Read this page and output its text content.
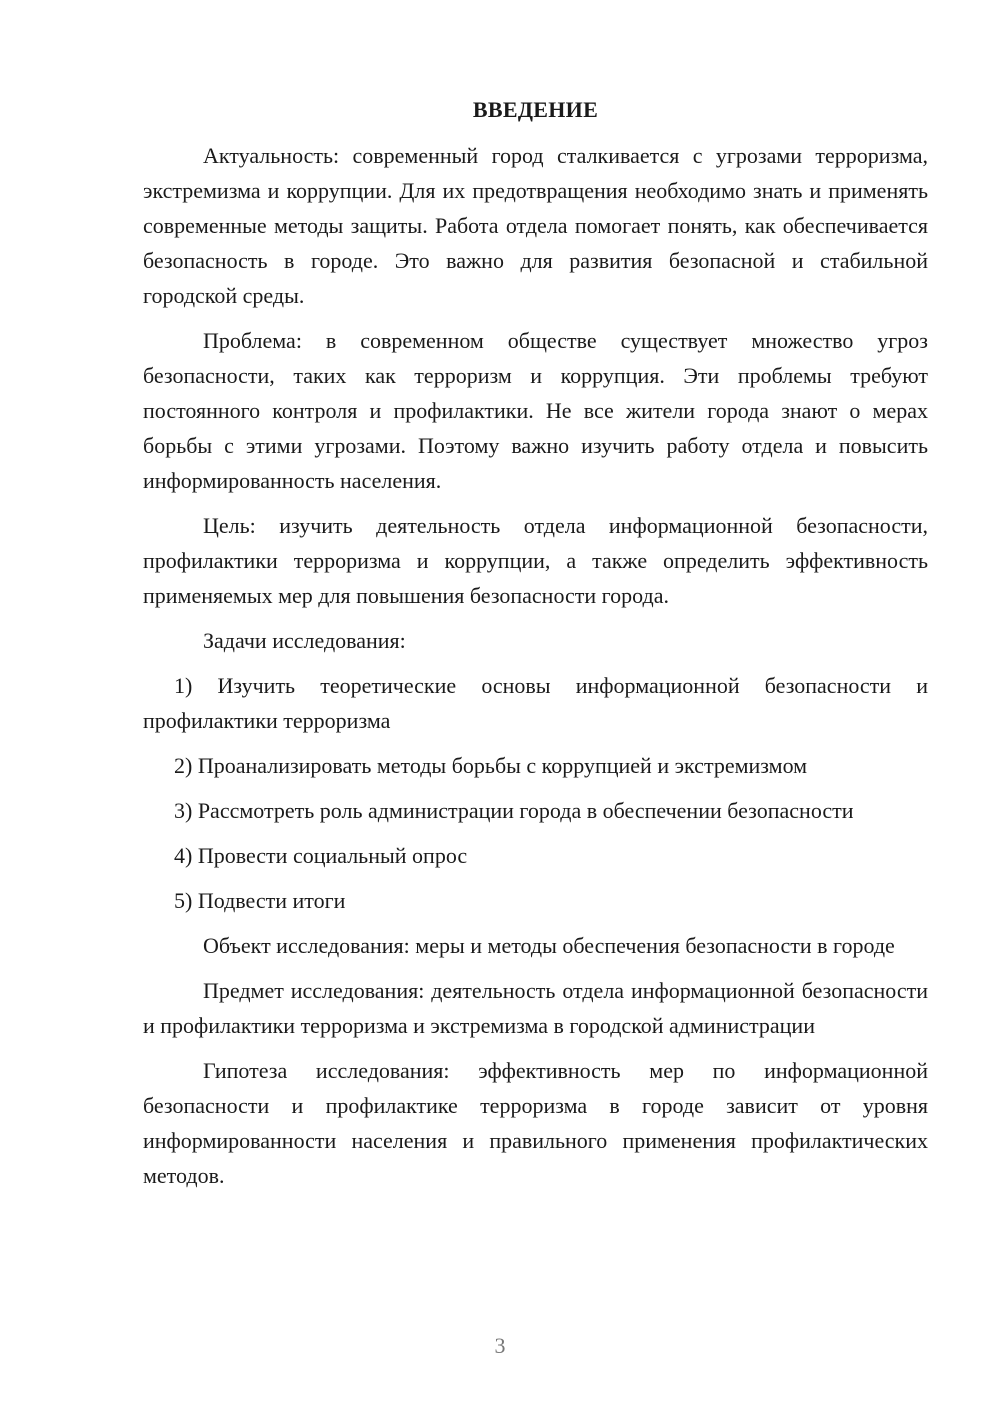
ВВЕДЕНИЕ

Актуальность: современный город сталкивается с угрозами терроризма, экстремизма и коррупции. Для их предотвращения необходимо знать и применять современные методы защиты. Работа отдела помогает понять, как обеспечивается безопасность в городе. Это важно для развития безопасной и стабильной городской среды.

Проблема: в современном обществе существует множество угроз безопасности, таких как терроризм и коррупция. Эти проблемы требуют постоянного контроля и профилактики. Не все жители города знают о мерах борьбы с этими угрозами. Поэтому важно изучить работу отдела и повысить информированность населения.

Цель: изучить деятельность отдела информационной безопасности, профилактики терроризма и коррупции, а также определить эффективность применяемых мер для повышения безопасности города.

Задачи исследования:

1) Изучить теоретические основы информационной безопасности и профилактики терроризма

2) Проанализировать методы борьбы с коррупцией и экстремизмом

3) Рассмотреть роль администрации города в обеспечении безопасности

4) Провести социальный опрос

5) Подвести итоги

Объект исследования: меры и методы обеспечения безопасности в городе

Предмет исследования: деятельность отдела информационной безопасности и профилактики терроризма и экстремизма в городской администрации

Гипотеза исследования: эффективность мер по информационной безопасности и профилактике терроризма в городе зависит от уровня информированности населения и правильного применения профилактических методов.

3
